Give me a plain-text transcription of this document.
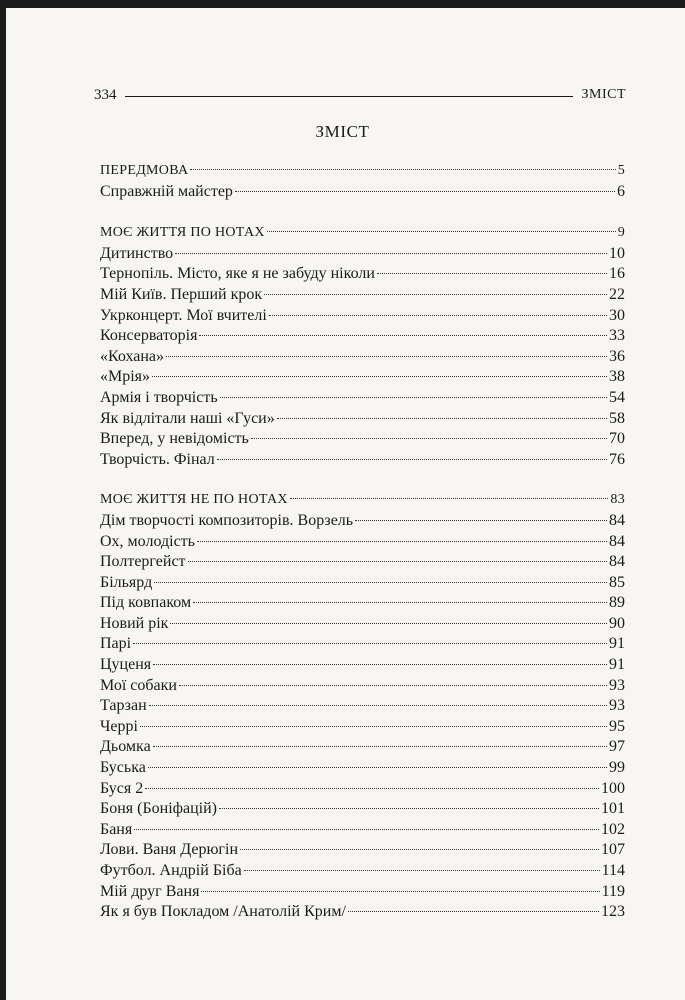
334	ЗМІСТ
ЗМІСТ
ПЕРЕДМОВА	5
Справжній майстер	6
МОЄ ЖИТТЯ ПО НОТАХ	9
Дитинство	10
Тернопіль. Місто, яке я не забуду ніколи	16
Мій Київ. Перший крок	22
Укрконцерт. Мої вчителі	30
Консерваторія	33
«Кохана»	36
«Мрія»	38
Армія і творчість	54
Як відлітали наші «Гуси»	58
Вперед, у невідомість	70
Творчість. Фінал	76
МОЄ ЖИТТЯ НЕ ПО НОТАХ	83
Дім творчості композиторів. Ворзель	84
Ох, молодість	84
Полтергейст	84
Більярд	85
Під ковпаком	89
Новий рік	90
Парі	91
Цуценя	91
Мої собаки	93
Тарзан	93
Черрі	95
Дьомка	97
Буська	99
Буся 2	100
Боня (Боніфацій)	101
Баня	102
Лови. Ваня Дерюгін	107
Футбол. Андрій Біба	114
Мій друг Ваня	119
Як я був Покладом /Анатолій Крим/	123
